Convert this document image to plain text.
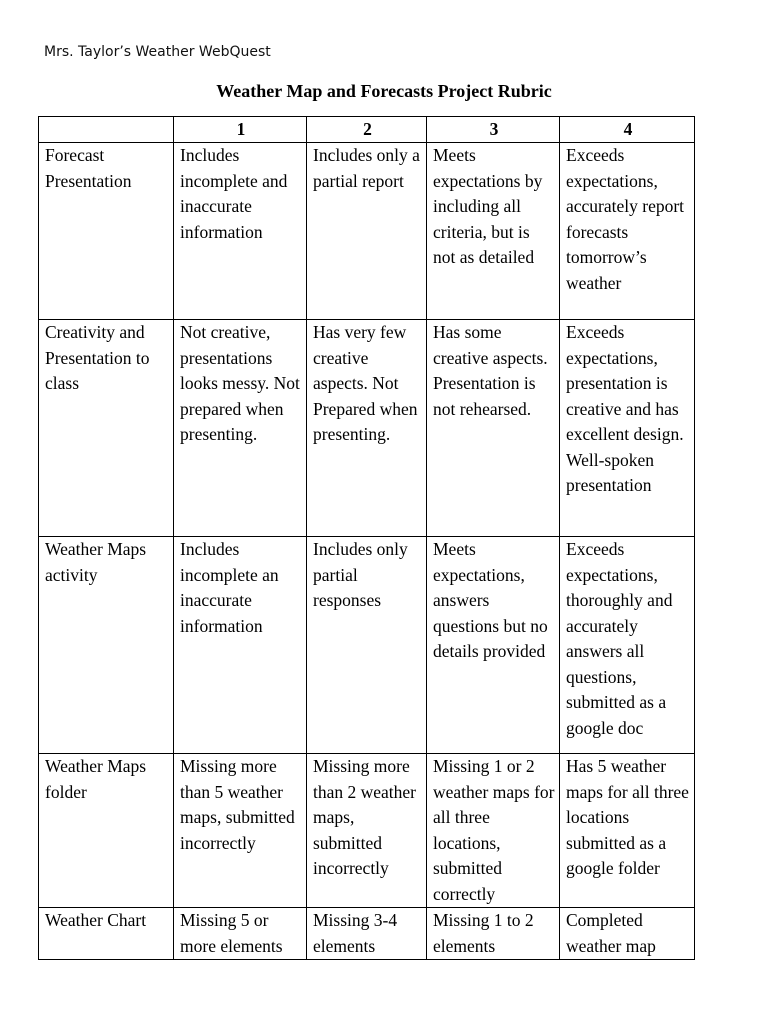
Mrs. Taylor’s Weather WebQuest
Weather Map and Forecasts Project Rubric
	1	2	3	4
Forecast Presentation	Includes incomplete and inaccurate information	Includes only a partial report	Meets expectations by including all criteria, but is not as detailed	Exceeds expectations, accurately report forecasts tomorrow’s weather
Creativity and Presentation to class	Not creative, presentations looks messy. Not prepared when presenting.	Has very few creative aspects. Not Prepared when presenting.	Has some creative aspects. Presentation is not rehearsed.	Exceeds expectations, presentation is creative and has excellent design. Well-spoken presentation
Weather Maps activity	Includes incomplete an inaccurate information	Includes only partial responses	Meets expectations, answers questions but no details provided	Exceeds expectations, thoroughly and accurately answers all questions, submitted as a google doc
Weather Maps folder	Missing more than 5 weather maps, submitted incorrectly	Missing more than 2 weather maps, submitted incorrectly	Missing 1 or 2 weather maps for all three locations, submitted correctly	Has 5 weather maps for all three locations submitted as a google folder
Weather Chart	Missing 5 or more elements	Missing 3-4 elements	Missing 1 to 2 elements	Completed weather map
